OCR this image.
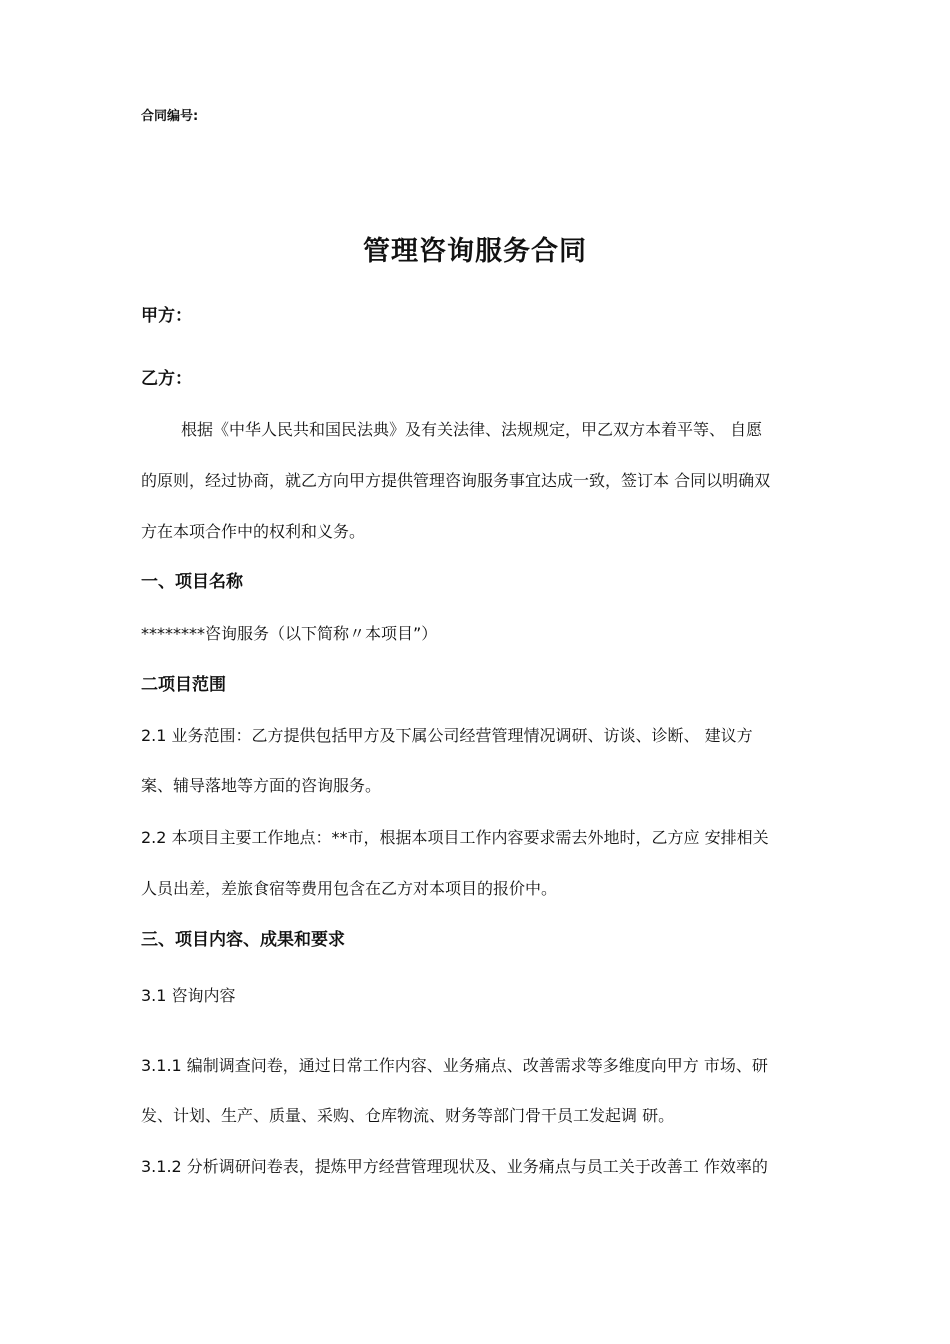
合同编号:
管理咨询服务合同
甲方：
乙方：
根据《中华人民共和国民法典》及有关法律、法规规定，甲乙双方本着平等、 自愿
的原则，经过协商，就乙方向甲方提供管理咨询服务事宜达成一致，签订本 合同以明确双
方在本项合作中的权利和义务。
一、项目名称
********咨询服务（以下简称〃本项目”）
二项目范围
2.1 业务范围：乙方提供包括甲方及下属公司经营管理情况调研、访谈、诊断、 建议方
案、辅导落地等方面的咨询服务。
2.2 本项目主要工作地点：**市，根据本项目工作内容要求需去外地时，乙方应 安排相关
人员出差，差旅食宿等费用包含在乙方对本项目的报价中。
三、项目内容、成果和要求
3.1 咨询内容
3.1.1 编制调查问卷，通过日常工作内容、业务痛点、改善需求等多维度向甲方 市场、研
发、计划、生产、质量、采购、仓库物流、财务等部门骨干员工发起调 研。
3.1.2 分析调研问卷表，提炼甲方经营管理现状及、业务痛点与员工关于改善工 作效率的
